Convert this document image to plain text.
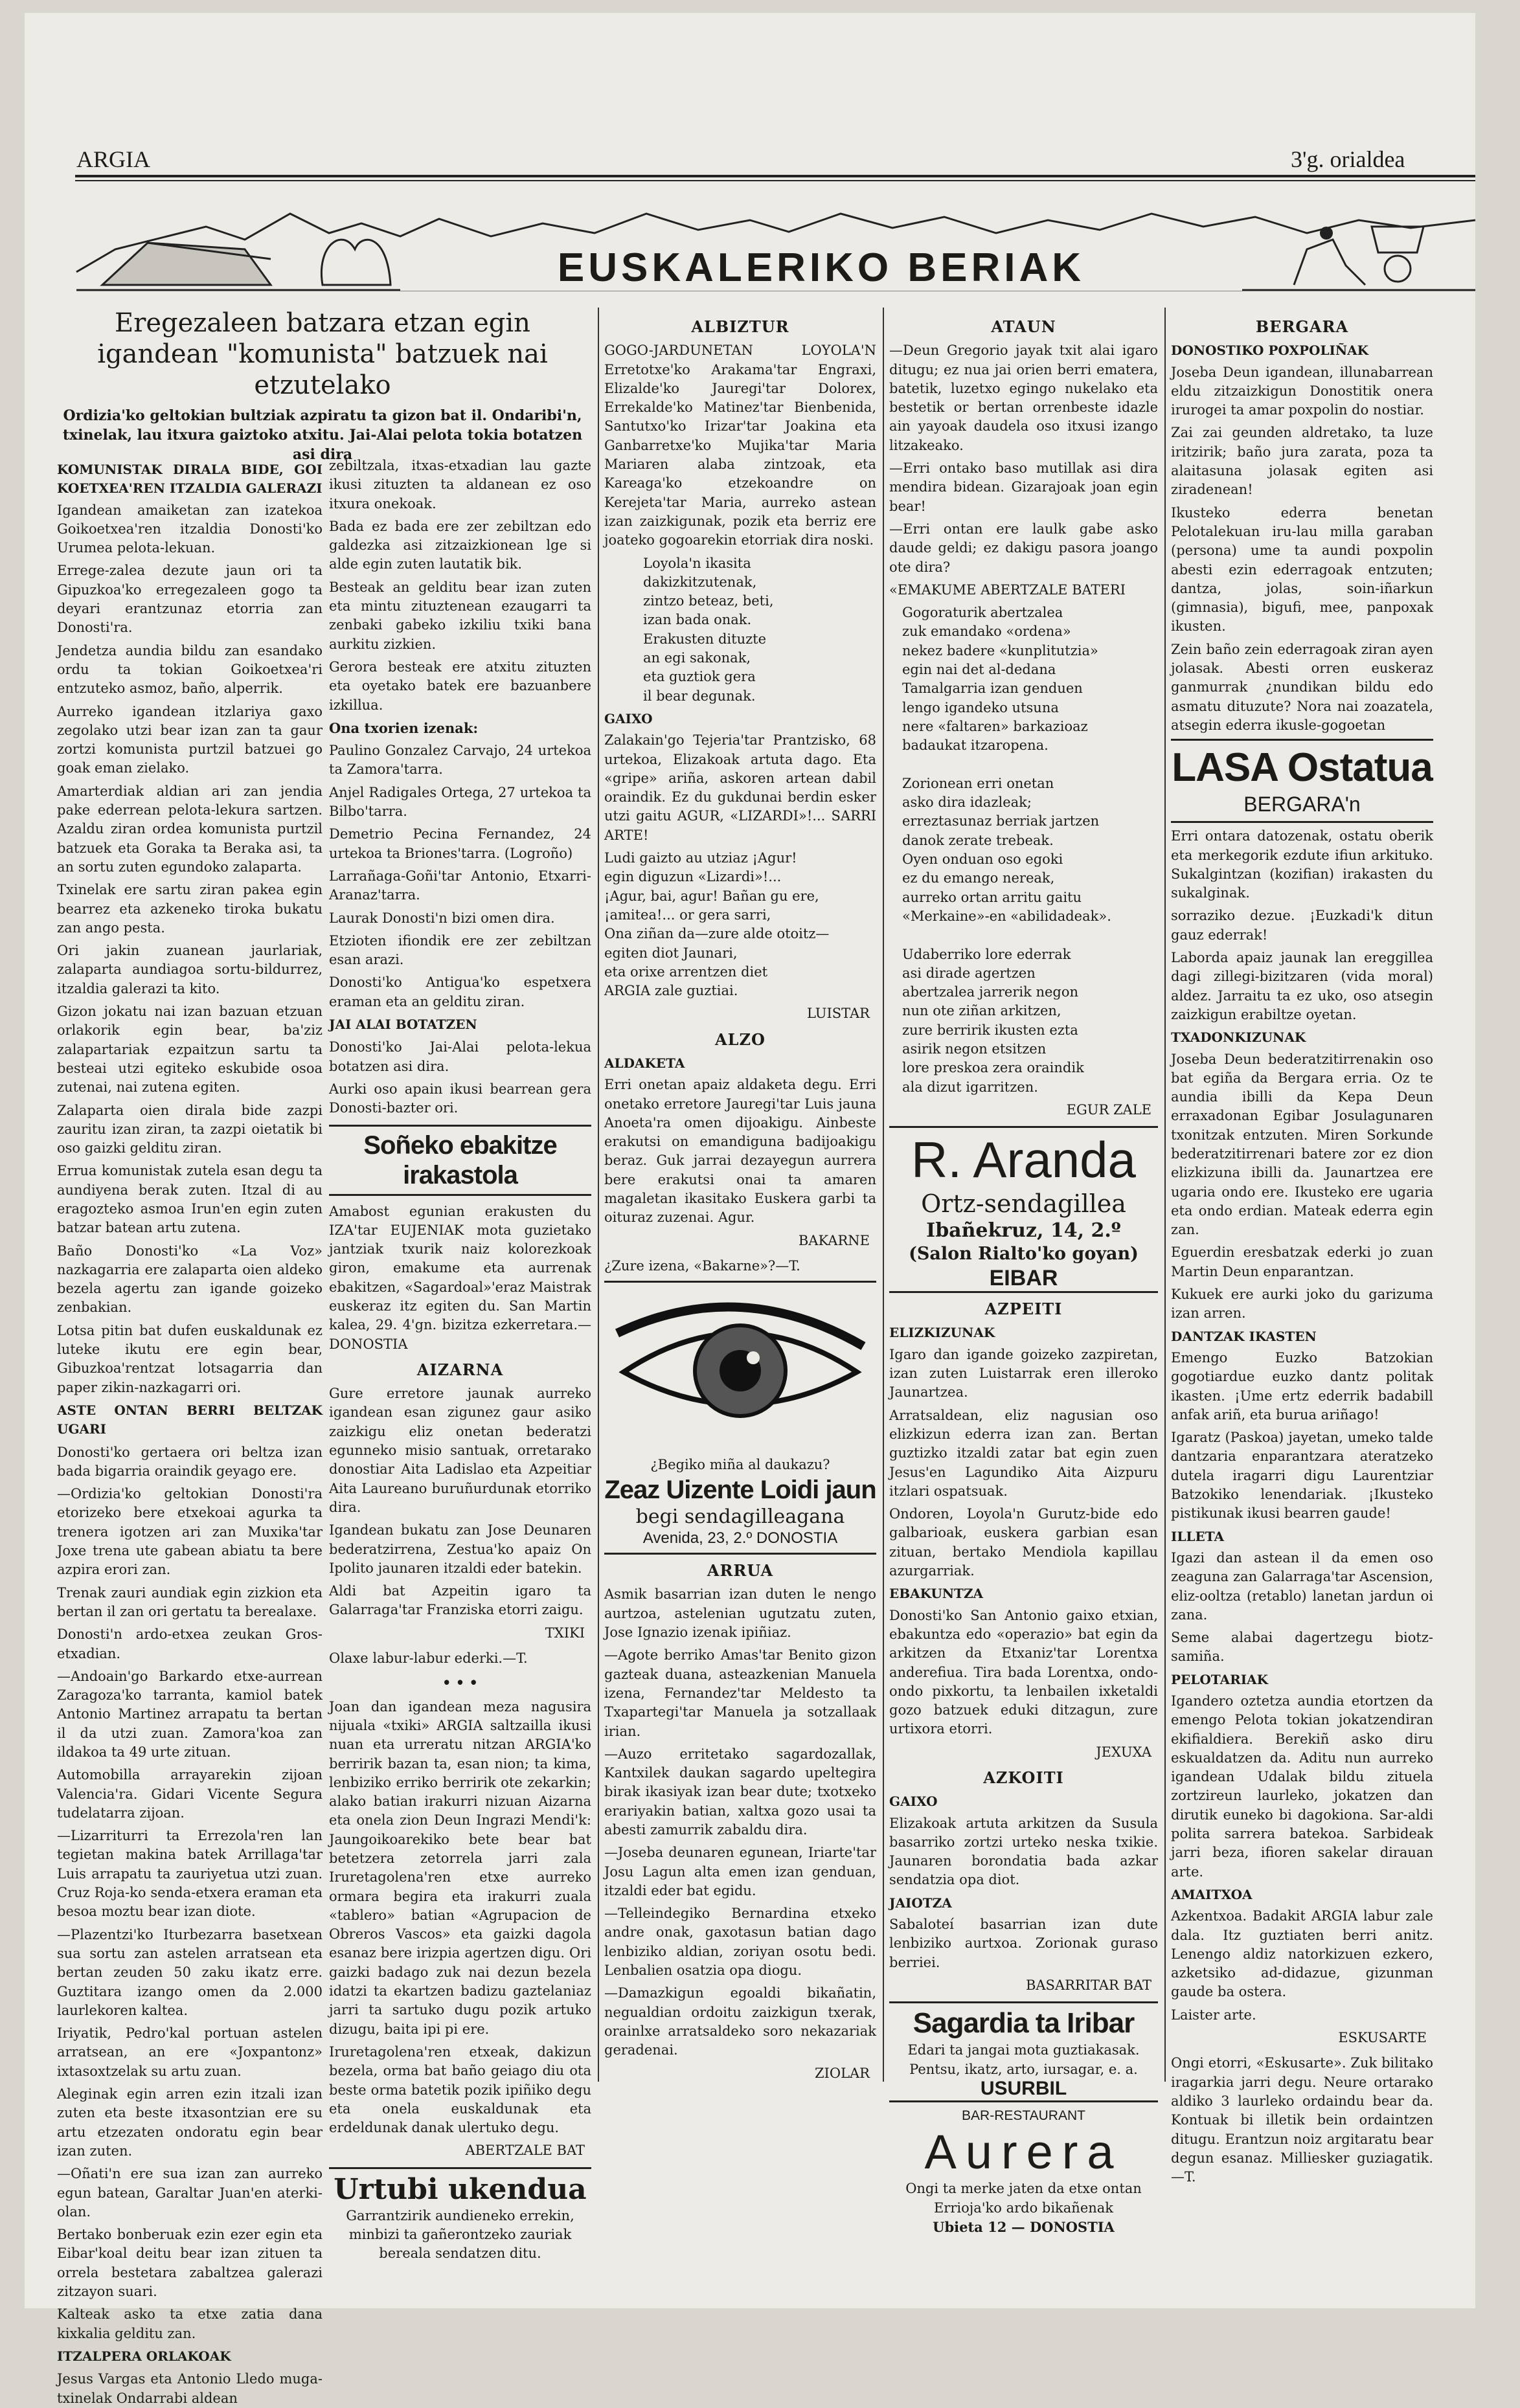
ARGIA	3'g. orialdea
EUSKALERIKO BERIAK
Eregezaleen batzara etzan egin igandean "komunista" batzuek nai etzutelako
Ordizia'ko geltokian bultziak azpiratu ta gizon bat il. Ondaribi'n, txinelak, lau itxura gaiztoko atxitu. Jai-Alai pelota tokia botatzen asi dira
KOMUNISTAK DIRALA BIDE, GOI KOETXEA'REN ITZALDIA GALERAZI

Igandean amaiketan zan izatekoa Goikoetxea'ren itzaldia Donosti'ko Urumea pelota-lekuan.

Errege-zalea dezute jaun ori ta Gipuzkoa'ko erregezaleen gogo ta deyari erantzunaz etorria zan Donosti'ra.

Jendetza aundia bildu zan esandako ordu ta tokian Goikoetxea'ri entzuteko asmoz, baño, alperrik.

Aurreko igandean itzlariya gaxo zegolako utzi bear izan zan ta gaur zortzi komunista purtzil batzuei go goak eman zielako.

Amarterdiak aldian ari zan jendia pake ederrean pelota-lekura sartzen. Azaldu ziran ordea komunista purtzil batzuek eta Goraka ta Beraka asi, ta an sortu zuten egundoko zalaparta.

Txinelak ere sartu ziran pakea egin bearrez eta azkeneko tiroka bukatu zan ango pesta.

Ori jakin zuanean jaurlariak, zalaparta aundiagoa sortu-bildurrez, itzaldia galerazi ta kito.

Gizon jokatu nai izan bazuan etzuan orlakorik egin bear, ba'ziz zalapartariak ezpaitzun sartu ta besteai utzi egiteko eskubide osoa zutenai, nai zutena egiten.

Zalaparta oien dirala bide zazpi zauritu izan ziran, ta zazpi oietatik bi oso gaizki gelditu ziran.

Errua komunistak zutela esan degu ta aundiyena berak zuten. Itzal di au eragozteko asmoa Irun'en egin zuten batzar batean artu zutena.

Baño Donosti'ko «La Voz» nazkagarria ere zalaparta oien aldeko bezela agertu zan igande goizeko zenbakian.

Lotsa pitin bat dufen euskaldunak ez luteke ikutu ere egin bear, Gibuzkoa'rentzat lotsagarria dan paper zikin-nazkagarri ori.

ASTE ONTAN BERRI BELTZAK UGARI

Donosti'ko gertaera ori beltza izan bada bigarria oraindik geyago ere.

—Ordizia'ko geltokian Donosti'ra etorizeko bere etxekoai agurka ta trenera igotzen ari zan Muxika'tar Joxe trena ute gabean abiatu ta bere azpira erori zan.

Trenak zauri aundiak egin zizkion eta bertan il zan ori gertatu ta berealaxe.

Donosti'n ardo-etxea zeukan Gros-etxadian.

—Andoain'go Barkardo etxe-aurrean Zaragoza'ko tarranta, kamiol batek Antonio Martinez arrapatu ta bertan il da utzi zuan. Zamora'koa zan ildakoa ta 49 urte zituan.

Automobilla arrayarekin zijoan Valencia'ra. Gidari Vicente Segura tudelatarra zijoan.

—Lizarriturri ta Errezola'ren lan tegietan makina batek Arrillaga'tar Luis arrapatu ta zauriyetua utzi zuan. Cruz Roja-ko senda-etxera eraman eta besoa moztu bear izan diote.

—Plazentzi'ko Iturbezarra basetxean sua sortu zan astelen arratsean eta bertan zeuden 50 zaku ikatz erre. Guztitara izango omen da 2.000 laurlekoren kaltea.

Iriyatik, Pedro'kal portuan astelen arratsean, an ere «Joxpantonz» ixtasoxtzelak su artu zuan.

Aleginak egin arren ezin itzali izan zuten eta beste itxasontzian ere su artu etzezaten ondoratu egin bear izan zuten.

—Oñati'n ere sua izan zan aurreko egun batean, Garaltar Juan'en aterki-olan.

Bertako bonberuak ezin ezer egin eta Eibar'koal deitu bear izan zituen ta orrela bestetara zabaltzea galerazi zitzayon suari.

Kalteak asko ta etxe zatia dana kixkalia gelditu zan.

ITZALPERA ORLAKOAK

Jesus Vargas eta Antonio Lledo muga-txinelak Ondarrabi aldean

zebiltzala, itxas-etxadian lau gazte ikusi zituzten ta aldanean ez oso itxura onekoak.

Bada ez bada ere zer zebiltzan edo galdezka asi zitzaizkionean lge si alde egin zuten lautatik bik.

Besteak an gelditu bear izan zuten eta mintu zituztenean ezaugarri ta zenbaki gabeko izkiliu txiki bana aurkitu zizkien.

Gerora besteak ere atxitu zituzten eta oyetako batek ere bazuanbere izkillua.

Ona txorien izenak:

Paulino Gonzalez Carvajo, 24 urtekoa ta Zamora'tarra.

Anjel Radigales Ortega, 27 urtekoa ta Bilbo'tarra.

Demetrio Pecina Fernandez, 24 urtekoa ta Briones'tarra. (Logroño)

Larrañaga-Goñi'tar Antonio, Etxarri-Aranaz'tarra.

Laurak Donosti'n bizi omen dira.

Etzioten ifiondik ere zer zebiltzan esan arazi.

Donosti'ko Antigua'ko espetxera eraman eta an gelditu ziran.

JAI ALAI BOTATZEN

Donosti'ko Jai-Alai pelota-lekua botatzen asi dira.

Aurki oso apain ikusi bearrean gera Donosti-bazter ori.

Soñeko ebakitze irakastola

Amabost egunian erakusten du IZA'tar EUJENIAK mota guzietako jantziak txurik naiz kolorezkoak giron, emakume eta aurrenak ebakitzen, «Sagardoal»'eraz Maistrak euskeraz itz egiten du. San Martin kalea, 29. 4'gn. bizitza ezkerretara.—DONOSTIA

AIZARNA

Gure erretore jaunak aurreko igandean esan zigunez gaur asiko zaizkigu eliz onetan bederatzi egunneko misio santuak, orretarako donostiar Aita Ladislao eta Azpeitiar Aita Laureano buruñurdunak etorriko dira.

Igandean bukatu zan Jose Deunaren bederatzirrena, Zestua'ko apaiz On Ipolito jaunaren itzaldi eder batekin.

Aldi bat Azpeitin igaro ta Galarraga'tar Franziska etorri zaigu.

TXIKI

Olaxe labur-labur ederki.—T.

• • •

Joan dan igandean meza nagusira nijuala «txiki» ARGIA saltzailla ikusi nuan eta urreratu nitzan ARGIA'ko berririk bazan ta, esan nion; ta kima, lenbiziko erriko berririk ote zekarkin; alako batian irakurri nizuan Aizarna eta onela zion Deun Ingrazi Mendi'k: Jaungoikoarekiko bete bear bat betetzera zetorrela jarri zala Iruretagolena'ren etxe aurreko ormara begira eta irakurri zuala «tablero» batian «Agrupacion de Obreros Vascos» eta gaizki dagola esanaz bere irizpia agertzen digu. Ori gaizki badago zuk nai dezun bezela idatzi ta ekartzen badizu gaztelaniaz jarri ta sartuko dugu pozik artuko dizugu, baita ipi pi ere.

Iruretagolena'ren etxeak, dakizun bezela, orma bat baño geiago diu ota beste orma batetik pozik ipiñiko degu eta onela euskaldunak eta erdeldunak danak ulertuko degu.

ABERTZALE BAT
Urtubi ukendua

Garrantzirik aundieneko errekin, minbizi ta gañerontzeko zauriak bereala sendatzen ditu.

ALBIZTUR

GOGO-JARDUNETAN LOYOLA'N Erretotxe'ko Arakama'tar Engraxi, Elizalde'ko Jauregi'tar Dolorex, Errekalde'ko Matinez'tar Bienbenida, Santutxo'ko Irizar'tar Joakina eta Ganbarretxe'ko Mujika'tar Maria Mariaren alaba zintzoak, eta Kareaga'ko etzekoandre on Kerejeta'tar Maria, aurreko astean izan zaizkigunak, pozik eta berriz ere joateko gogoarekin etorriak dira noski.

Loyola'n ikasita
dakizkitzutenak,
zintzo beteaz, beti,
izan bada onak.
Erakusten dituzte
an egi sakonak,
eta guztiok gera
il bear degunak.
GAIXO

Zalakain'go Tejeria'tar Prantzisko, 68 urtekoa, Elizakoak artuta dago. Eta «gripe» ariña, askoren artean dabil oraindik. Ez du gukdunai berdin esker utzi gaitu AGUR, «LIZARDI»!... SARRI ARTE!

Ludi gaizto au utziaz ¡Agur!
egin diguzun «Lizardi»!...
¡Agur, bai, agur! Bañan gu ere,
¡amitea!... or gera sarri,
Ona ziñan da—zure alde otoitz—
egiten diot Jaunari,
eta orixe arrentzen diet
ARGIA zale guztiai.
LUISTAR
ALZO
ALDAKETA

Erri onetan apaiz aldaketa degu. Erri onetako erretore Jauregi'tar Luis jauna Anoeta'ra omen dijoakigu. Ainbeste erakutsi on emandiguna badijoakigu beraz. Guk jarrai dezayegun aurrera bere erakutsi onai ta amaren magaletan ikasitako Euskera garbi ta oituraz zuzenai. Agur.

BAKARNE

¿Zure izena, «Bakarne»?—T.

¿Begiko miña al daukazu?
Zeaz Uizente Loidi jaun
begi sendagilleagana
Avenida, 23, 2.º DONOSTIA
ARRUA

Asmik basarrian izan duten le nengo aurtzoa, astelenian ugutzatu zuten, Jose Ignazio izenak ipiñiaz.

—Agote berriko Amas'tar Benito gizon gazteak duana, asteazkenian Manuela izena, Fernandez'tar Meldesto ta Txapartegi'tar Manuela ja sotzallaak irian.

—Auzo erritetako sagardozallak, Kantxilek daukan sagardo upeltegira birak ikasiyak izan bear dute; txotxeko erariyakin batian, xaltxa gozo usai ta abesti zamurrik zabaldu dira.

—Joseba deunaren egunean, Iriarte'tar Josu Lagun alta emen izan genduan, itzaldi eder bat egidu.

—Telleindegiko Bernardina etxeko andre onak, gaxotasun batian dago lenbiziko aldian, zoriyan osotu bedi. Lenbalien osatzia opa diogu.

—Damazkigun egoaldi bikañatin, negualdian ordoitu zaizkigun txerak, orainlxe arratsaldeko soro nekazariak geradenai.

ZIOLAR
ATAUN

—Deun Gregorio jayak txit alai igaro ditugu; ez nua jai orien berri ematera, batetik, luzetxo egingo nukelako eta bestetik or bertan orrenbeste idazle ain yayoak daudela oso itxusi izango litzakeako.

—Erri ontako baso mutillak asi dira mendira bidean. Gizarajoak joan egin bear!

—Erri ontan ere laulk gabe asko daude geldi; ez dakigu pasora joango ote dira?

«EMAKUME ABERTZALE BATERI

Gogoraturik abertzalea
zuk emandako «ordena»
nekez badere «kunplitutzia»
egin nai det al-dedana
Tamalgarria izan genduen
lengo igandeko utsuna
nere «faltaren» barkazioaz
badaukat itzaropena.

Zorionean erri onetan
asko dira idazleak;
erreztasunaz berriak jartzen
danok zerate trebeak.
Oyen onduan oso egoki
ez du emango nereak,
aurreko ortan arritu gaitu
«Merkaine»-en «abilidadeak».

Udaberriko lore ederrak
asi dirade agertzen
abertzalea jarrerik negon
nun ote ziñan arkitzen,
zure berririk ikusten ezta
asirik negon etsitzen
lore preskoa zera oraindik
ala dizut igarritzen.
EGUR ZALE
R. Aranda
Ortz-sendagillea
Ibañekruz, 14, 2.º
(Salon Rialto'ko goyan)
EIBAR
AZPEITI
ELIZKIZUNAK

Igaro dan igande goizeko zazpiretan, izan zuten Luistarrak eren illeroko Jaunartzea.

Arratsaldean, eliz nagusian oso elizkizun ederra izan zan. Bertan guztizko itzaldi zatar bat egin zuen Jesus'en Lagundiko Aita Aizpuru itzlari ospatsuak.

Ondoren, Loyola'n Gurutz-bide edo galbarioak, euskera garbian esan zituan, bertako Mendiola kapillau azurgarriak.

EBAKUNTZA

Donosti'ko San Antonio gaixo etxian, ebakuntza edo «operazio» bat egin da arkitzen da Etxaniz'tar Lorentxa anderefiua. Tira bada Lorentxa, ondo-ondo pixkortu, ta lenbailen ixketaldi gozo batzuek eduki ditzagun, zure urtixora etorri.

JEXUXA
AZKOITI
GAIXO

Elizakoak artuta arkitzen da Susula basarriko zortzi urteko neska txikie. Jaunaren borondatia bada azkar sendatzia opa diot.

JAIOTZA

Sabaloteí basarrian izan dute lenbiziko aurtxoa. Zorionak guraso berriei.

BASARRITAR BAT
Sagardia ta Iribar
Edari ta jangai mota guztiakasak.
Pentsu, ikatz, arto, iursagar, e. a.
USURBIL
BAR-RESTAURANT
Aurera
Ongi ta merke jaten da etxe ontan
Errioja'ko ardo bikañenak
Ubieta 12 — DONOSTIA
BERGARA
DONOSTIKO POXPOLIÑAK

Joseba Deun igandean, illunabarrean eldu zitzaizkigun Donostitik onera irurogei ta amar poxpolin do nostiar.

Zai zai geunden aldretako, ta luze iritzirik; baño jura zarata, poza ta alaitasuna jolasak egiten asi ziradenean!

Ikusteko ederra benetan Pelotalekuan iru-lau milla garaban (persona) ume ta aundi poxpolin abesti ezin ederragoak entzuten; dantza, jolas, soin-iñarkun (gimnasia), bigufi, mee, panpoxak ikusten.

Zein baño zein ederragoak ziran ayen jolasak. Abesti orren euskeraz ganmurrak ¿nundikan bildu edo asmatu dituzute? Nora nai zoazatela, atsegin ederra ikusle-gogoetan

LASA Ostatua
BERGARA'n

Erri ontara datozenak, ostatu oberik eta merkegorik ezdute ifiun arkituko. Sukalgintzan (kozifian) irakasten du sukalginak.

sorraziko dezue. ¡Euzkadi'k ditun gauz ederrak!

Laborda apaiz jaunak lan ereggillea dagi zillegi-bizitzaren (vida moral) aldez. Jarraitu ta ez uko, oso atsegin zaizkigun erabiltze oyetan.

TXADONKIZUNAK

Joseba Deun bederatzitirrenakin oso bat egiña da Bergara erria. Oz te aundia ibilli da Kepa Deun erraxadonan Egibar Josulagunaren txonitzak entzuten. Miren Sorkunde bederatzitirrenari batere zor ez dion elizkizuna ibilli da. Jaunartzea ere ugaria ondo ere. Ikusteko ere ugaria eta ondo erdian. Mateak ederra egin zan.

Eguerdin eresbatzak ederki jo zuan Martin Deun enparantzan.

Kukuek ere aurki joko du garizuma izan arren.

DANTZAK IKASTEN

Emengo Euzko Batzokian gogotiardue euzko dantz politak ikasten. ¡Ume ertz ederrik badabill anfak ariñ, eta burua ariñago!

Igaratz (Paskoa) jayetan, umeko talde dantzaria enparantzara ateratzeko dutela iragarri digu Laurentziar Batzokiko lenendariak. ¡Ikusteko pistikunak ikusi bearren gaude!

ILLETA

Igazi dan astean il da emen oso zeaguna zan Galarraga'tar Ascension, eliz-ooltza (retablo) lanetan jardun oi zana.

Seme alabai dagertzegu biotz-samiña.

PELOTARIAK

Igandero oztetza aundia etortzen da emengo Pelota tokian jokatzendiran ekifialdiera. Berekiñ asko diru eskualdatzen da. Aditu nun aurreko igandean Udalak bildu zituela zortzireun laurleko, jokatzen dan dirutik euneko bi dagokiona. Sar-aldi polita sarrera batekoa. Sarbideak jarri beza, ifioren sakelar dirauan arte.

AMAITXOA

Azkentxoa. Badakit ARGIA labur zale dala. Itz guztiaten berri anitz. Lenengo aldiz natorkizuen ezkero, azketsiko ad-didazue, gizunman gaude ba ostera.

Laister arte.

ESKUSARTE

Ongi etorri, «Eskusarte». Zuk bilitako iragarkia jarri degu. Neure ortarako aldiko 3 laurleko ordaindu bear da. Kontuak bi illetik bein ordaintzen ditugu. Erantzun noiz argitaratu bear degun esanaz. Milliesker guziagatik.—T.
